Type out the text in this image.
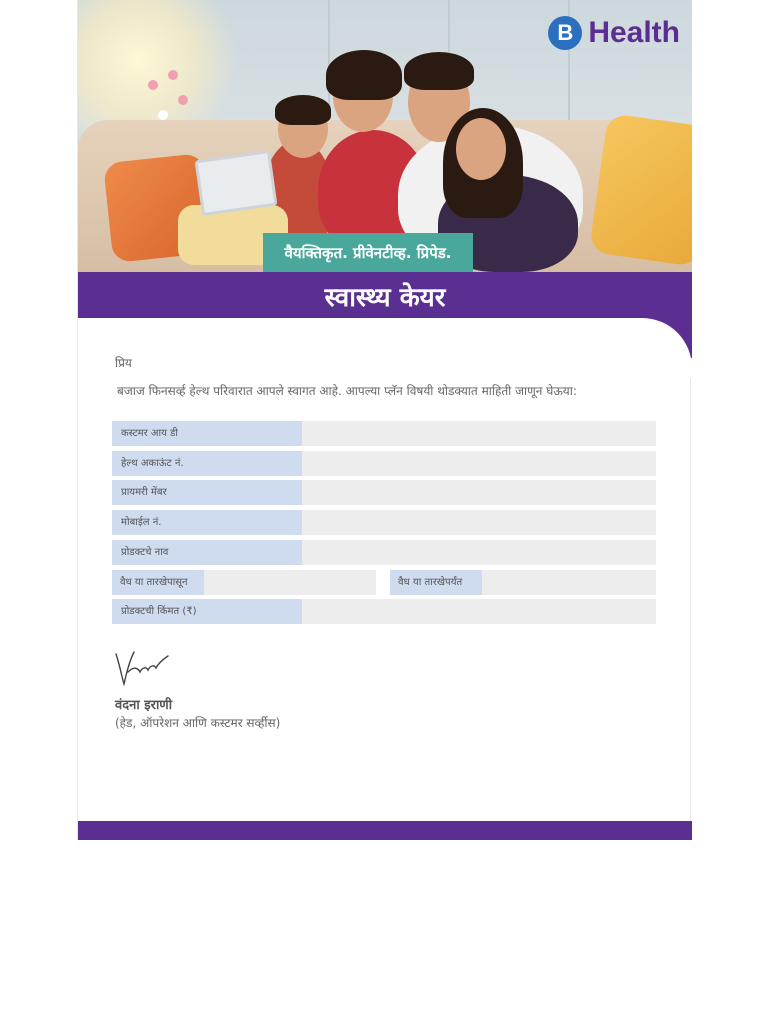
B Health
वैयक्तिकृत. प्रीवेनटीव्ह. प्रिपेड.
स्वास्थ्य केयर
प्रिय
बजाज फिनसर्व्ह हेल्थ परिवारात आपले स्वागत आहे. आपल्या प्लॅन विषयी थोडक्यात माहिती जाणून घेऊया:
कस्टमर आय डी
हेल्थ अकाऊंट नं.
प्रायमरी मेंबर
मोबाईल नं.
प्रोडक्टचे नाव
वैध या तारखेपासून	वैध या तारखेपर्यंत
प्रोडक्टची किंमत (₹)
वंदना इराणी
(हेड, ऑपरेशन आणि कस्टमर सर्व्हीस)
